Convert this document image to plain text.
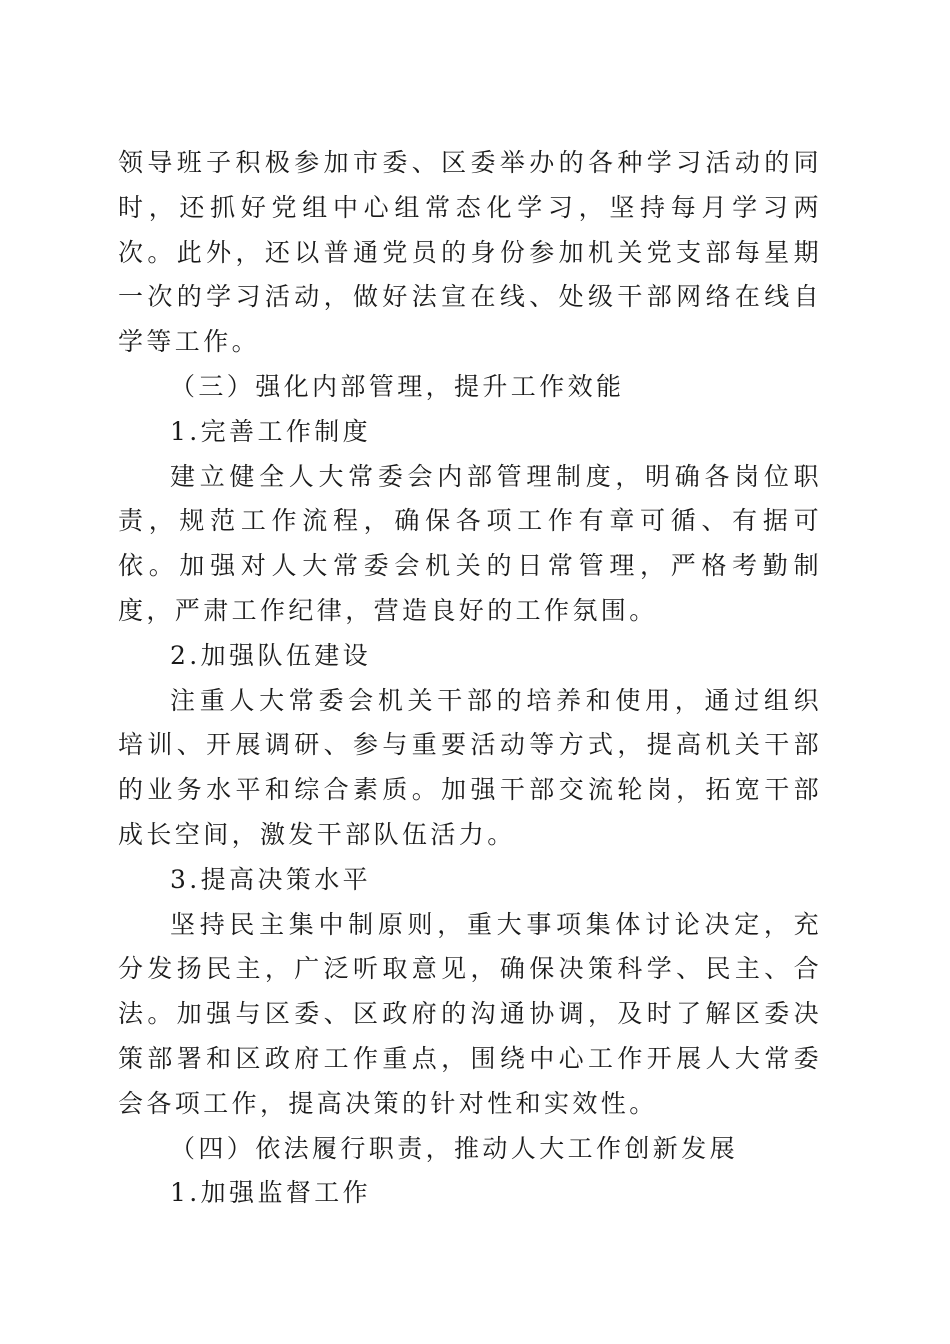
领导班子积极参加市委、区委举办的各种学习活动的同时，还抓好党组中心组常态化学习，坚持每月学习两次。此外，还以普通党员的身份参加机关党支部每星期一次的学习活动，做好法宣在线、处级干部网络在线自学等工作。

（三）强化内部管理，提升工作效能

1.完善工作制度

建立健全人大常委会内部管理制度，明确各岗位职责，规范工作流程，确保各项工作有章可循、有据可依。加强对人大常委会机关的日常管理，严格考勤制度，严肃工作纪律，营造良好的工作氛围。

2.加强队伍建设

注重人大常委会机关干部的培养和使用，通过组织培训、开展调研、参与重要活动等方式，提高机关干部的业务水平和综合素质。加强干部交流轮岗，拓宽干部成长空间，激发干部队伍活力。

3.提高决策水平

坚持民主集中制原则，重大事项集体讨论决定，充分发扬民主，广泛听取意见，确保决策科学、民主、合法。加强与区委、区政府的沟通协调，及时了解区委决策部署和区政府工作重点，围绕中心工作开展人大常委会各项工作，提高决策的针对性和实效性。

（四）依法履行职责，推动人大工作创新发展

1.加强监督工作
